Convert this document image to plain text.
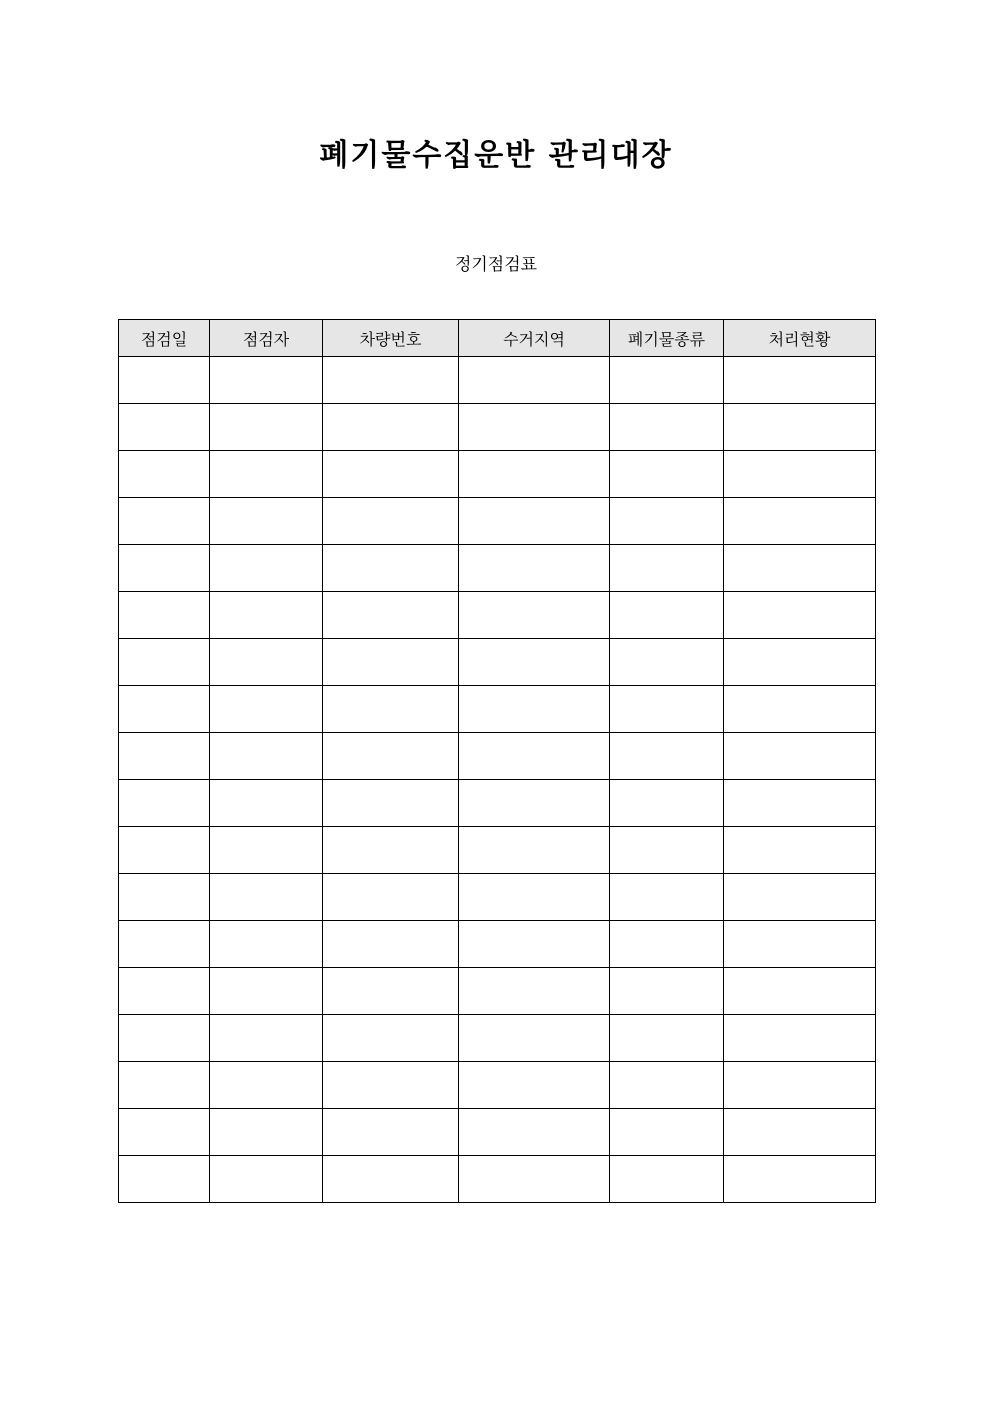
폐기물수집운반 관리대장
정기점검표
점검일	점검자	차량번호	수거지역	폐기물종류	처리현황
